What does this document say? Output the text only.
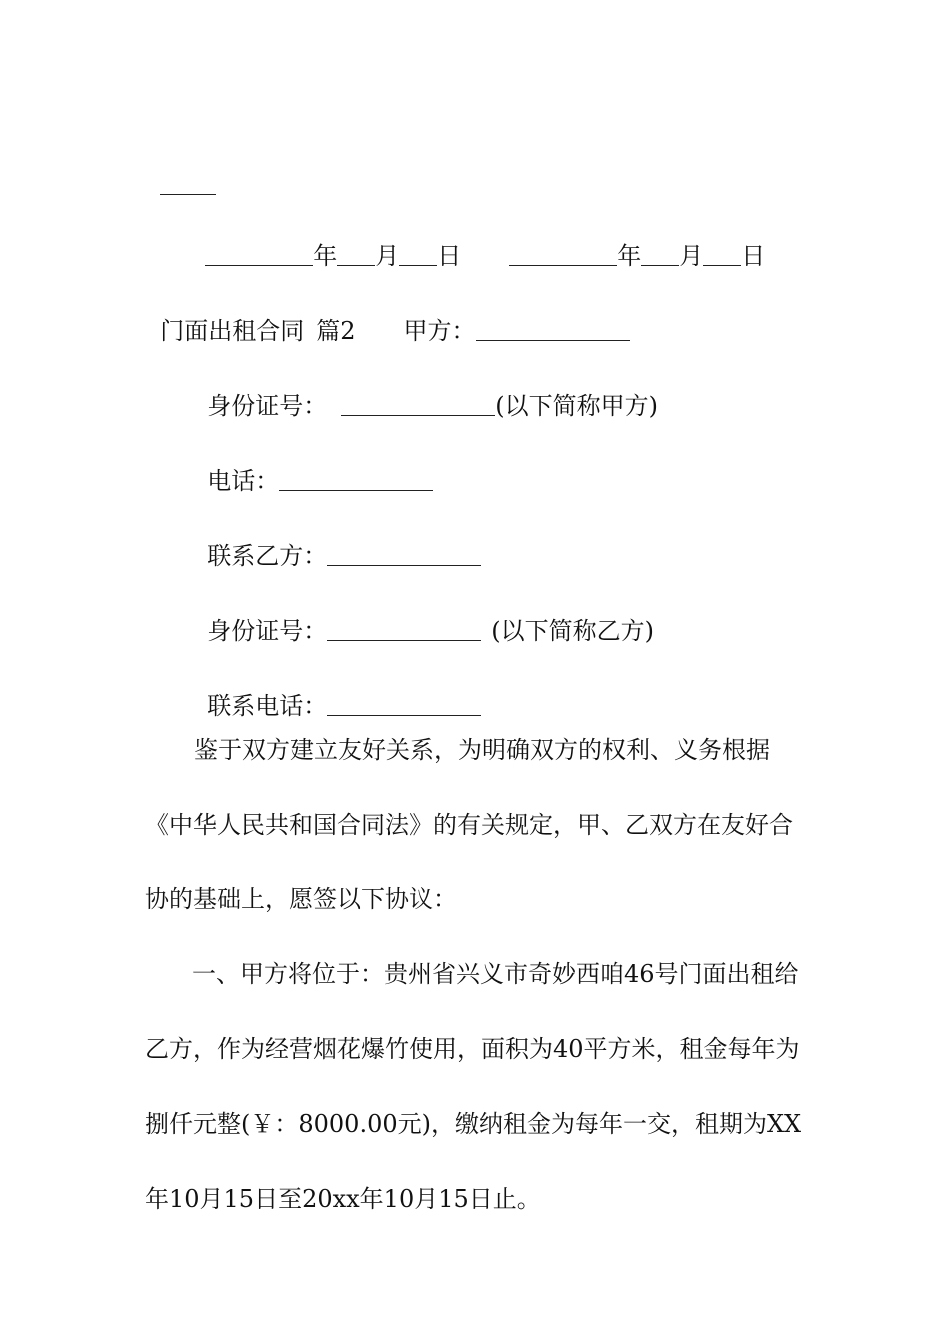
年 月 日	年 月 日

门面出租合同 篇2 甲方：

身份证号：	(以下简称甲方)

电话：

联系乙方：

身份证号：	(以下简称乙方)

联系电话：

鉴于双方建立友好关系，为明确双方的权利、义务根据
《中华人民共和国合同法》的有关规定，甲、乙双方在友好合
协的基础上，愿签以下协议：
一、甲方将位于：贵州省兴义市奇妙西咱46号门面出租给
乙方，作为经营烟花爆竹使用，面积为40平方米，租金每年为
捌仟元整(￥：8000.00元)，缴纳租金为每年一交，租期为XX
年10月15日至20xx年10月15日止。
